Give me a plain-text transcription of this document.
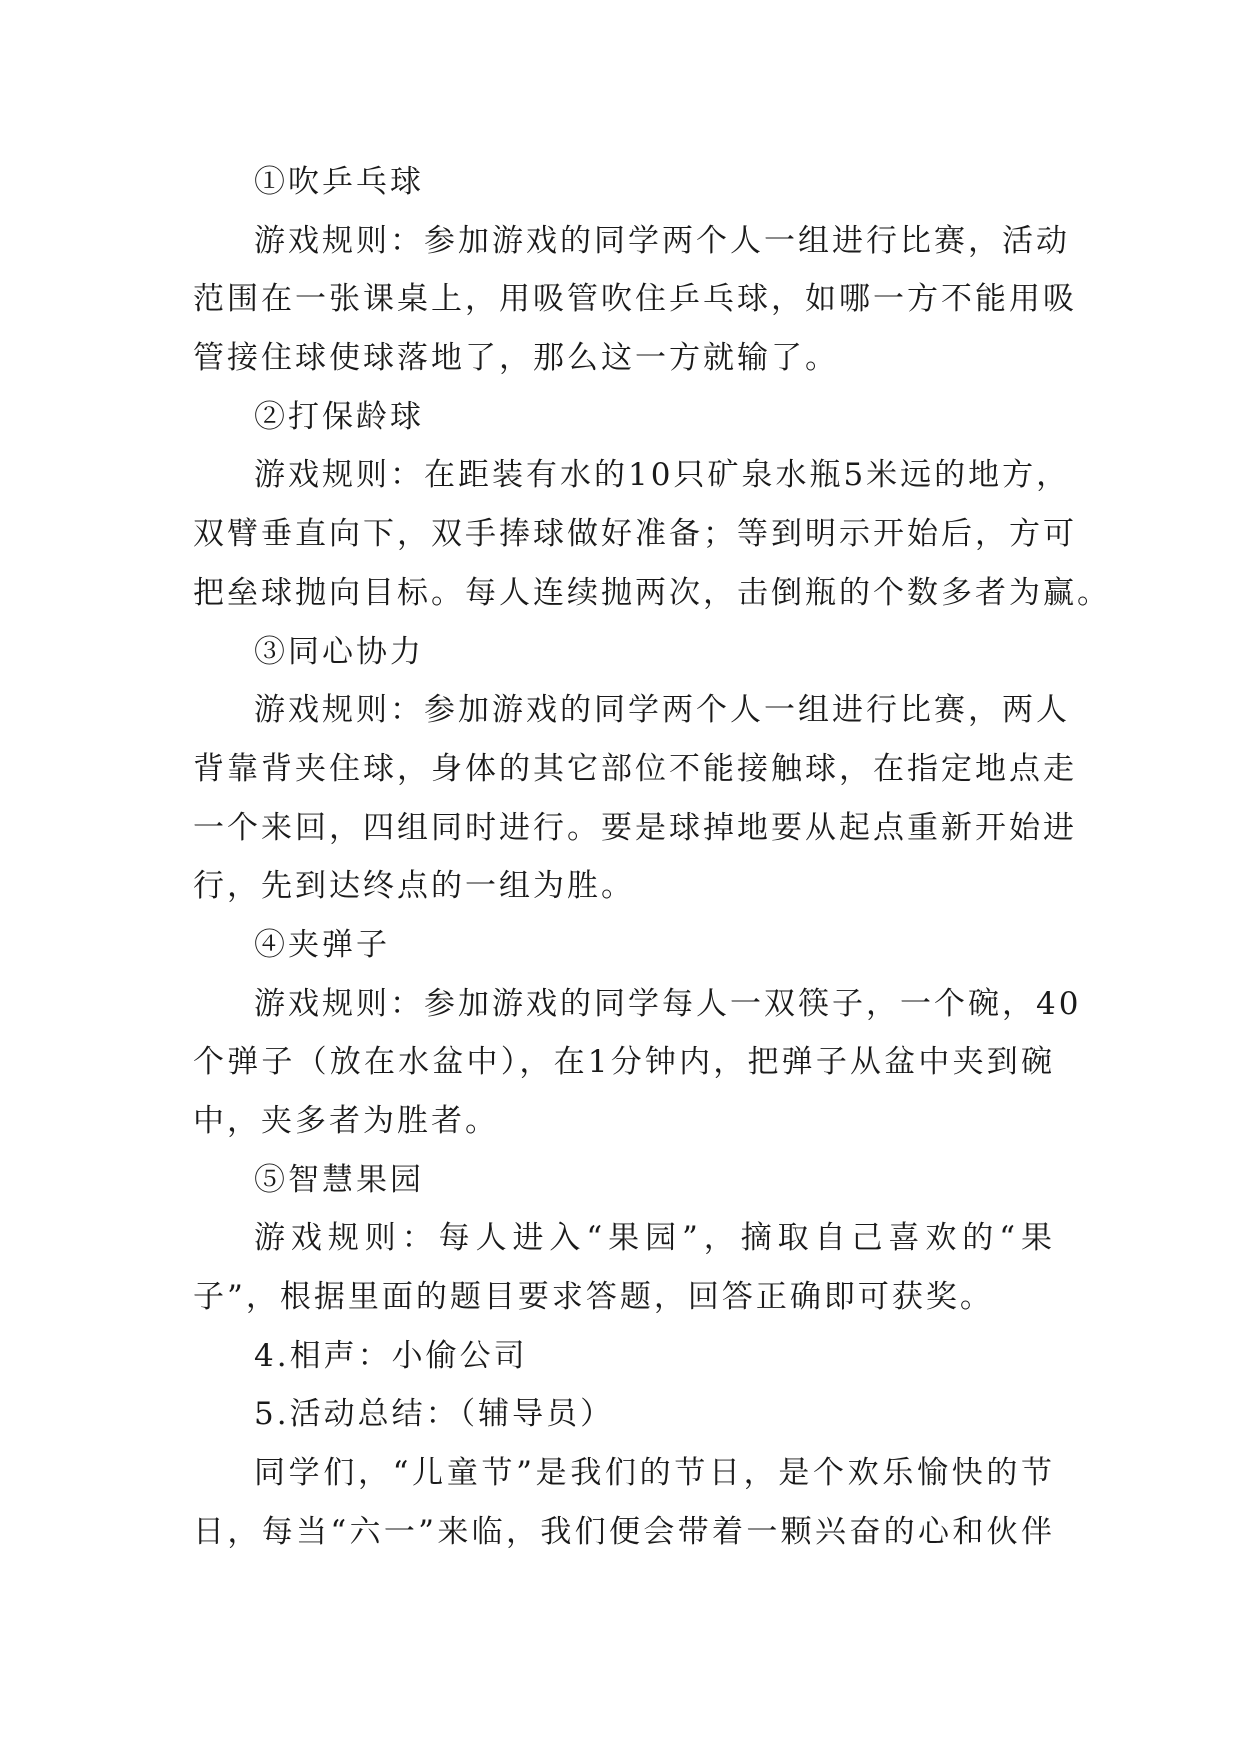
①吹乒乓球
游戏规则：参加游戏的同学两个人一组进行比赛，活动
范围在一张课桌上，用吸管吹住乒乓球，如哪一方不能用吸
管接住球使球落地了，那么这一方就输了。
②打保龄球
游戏规则：在距装有水的10只矿泉水瓶5米远的地方，
双臂垂直向下，双手捧球做好准备；等到明示开始后，方可
把垒球抛向目标。每人连续抛两次，击倒瓶的个数多者为赢。
③同心协力
游戏规则：参加游戏的同学两个人一组进行比赛，两人
背靠背夹住球，身体的其它部位不能接触球，在指定地点走
一个来回，四组同时进行。要是球掉地要从起点重新开始进
行，先到达终点的一组为胜。
④夹弹子
游戏规则：参加游戏的同学每人一双筷子，一个碗，40
个弹子（放在水盆中），在1分钟内，把弹子从盆中夹到碗
中，夹多者为胜者。
⑤智慧果园
游戏规则：每人进入“果园”，摘取自己喜欢的“果
子”，根据里面的题目要求答题，回答正确即可获奖。
4.相声：小偷公司
5.活动总结：（辅导员）
同学们，“儿童节”是我们的节日，是个欢乐愉快的节
日，每当“六一”来临，我们便会带着一颗兴奋的心和伙伴
